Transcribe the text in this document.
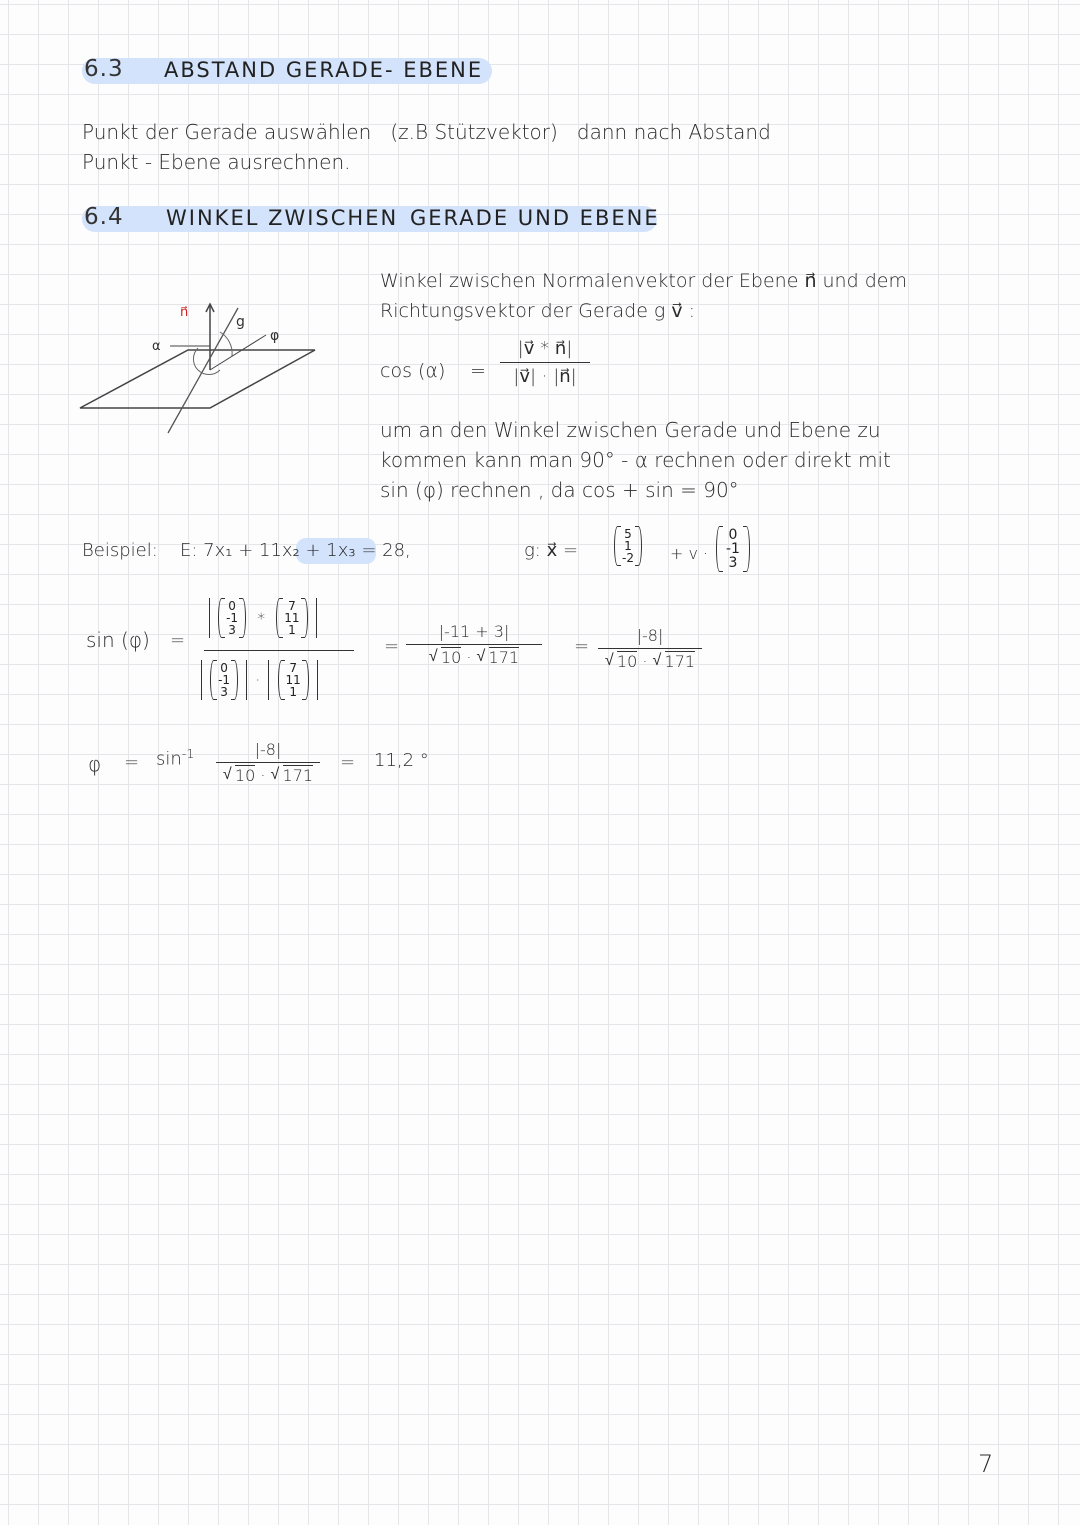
6.3 ABSTAND GERADE- EBENE
Punkt der Gerade auswählen (z.B Stützvektor) dann nach Abstand
Punkt - Ebene ausrechnen.
6.4 WINKEL ZWISCHEN GERADE UND EBENE
n⃗
g
α
φ
Winkel zwischen Normalenvektor der Ebene n⃗ und dem
Richtungsvektor der Gerade g v⃗ :
cos (α) =
|v⃗ * n⃗|
|v⃗| · |n⃗|
um an den Winkel zwischen Gerade und Ebene zu
kommen kann man 90° - α rechnen oder direkt mit
sin (φ) rechnen , da cos + sin = 90°
Beispiel: E: 7x₁ + 11x₂ + 1x₃ = 28,	g: x⃗ =
5
1
-2 + v ·
0
-1
3
sin (φ) =

0
-1
3
*
7
11
1

0
-1
3
·
7
11
1

=
|-11 + 3|
√ 10 · √ 171
=
|-8|
√ 10 · √ 171
$\varphi = \sin^{-1}$	|-8|
√ 10 · √ 171
= 11,2 °
7
